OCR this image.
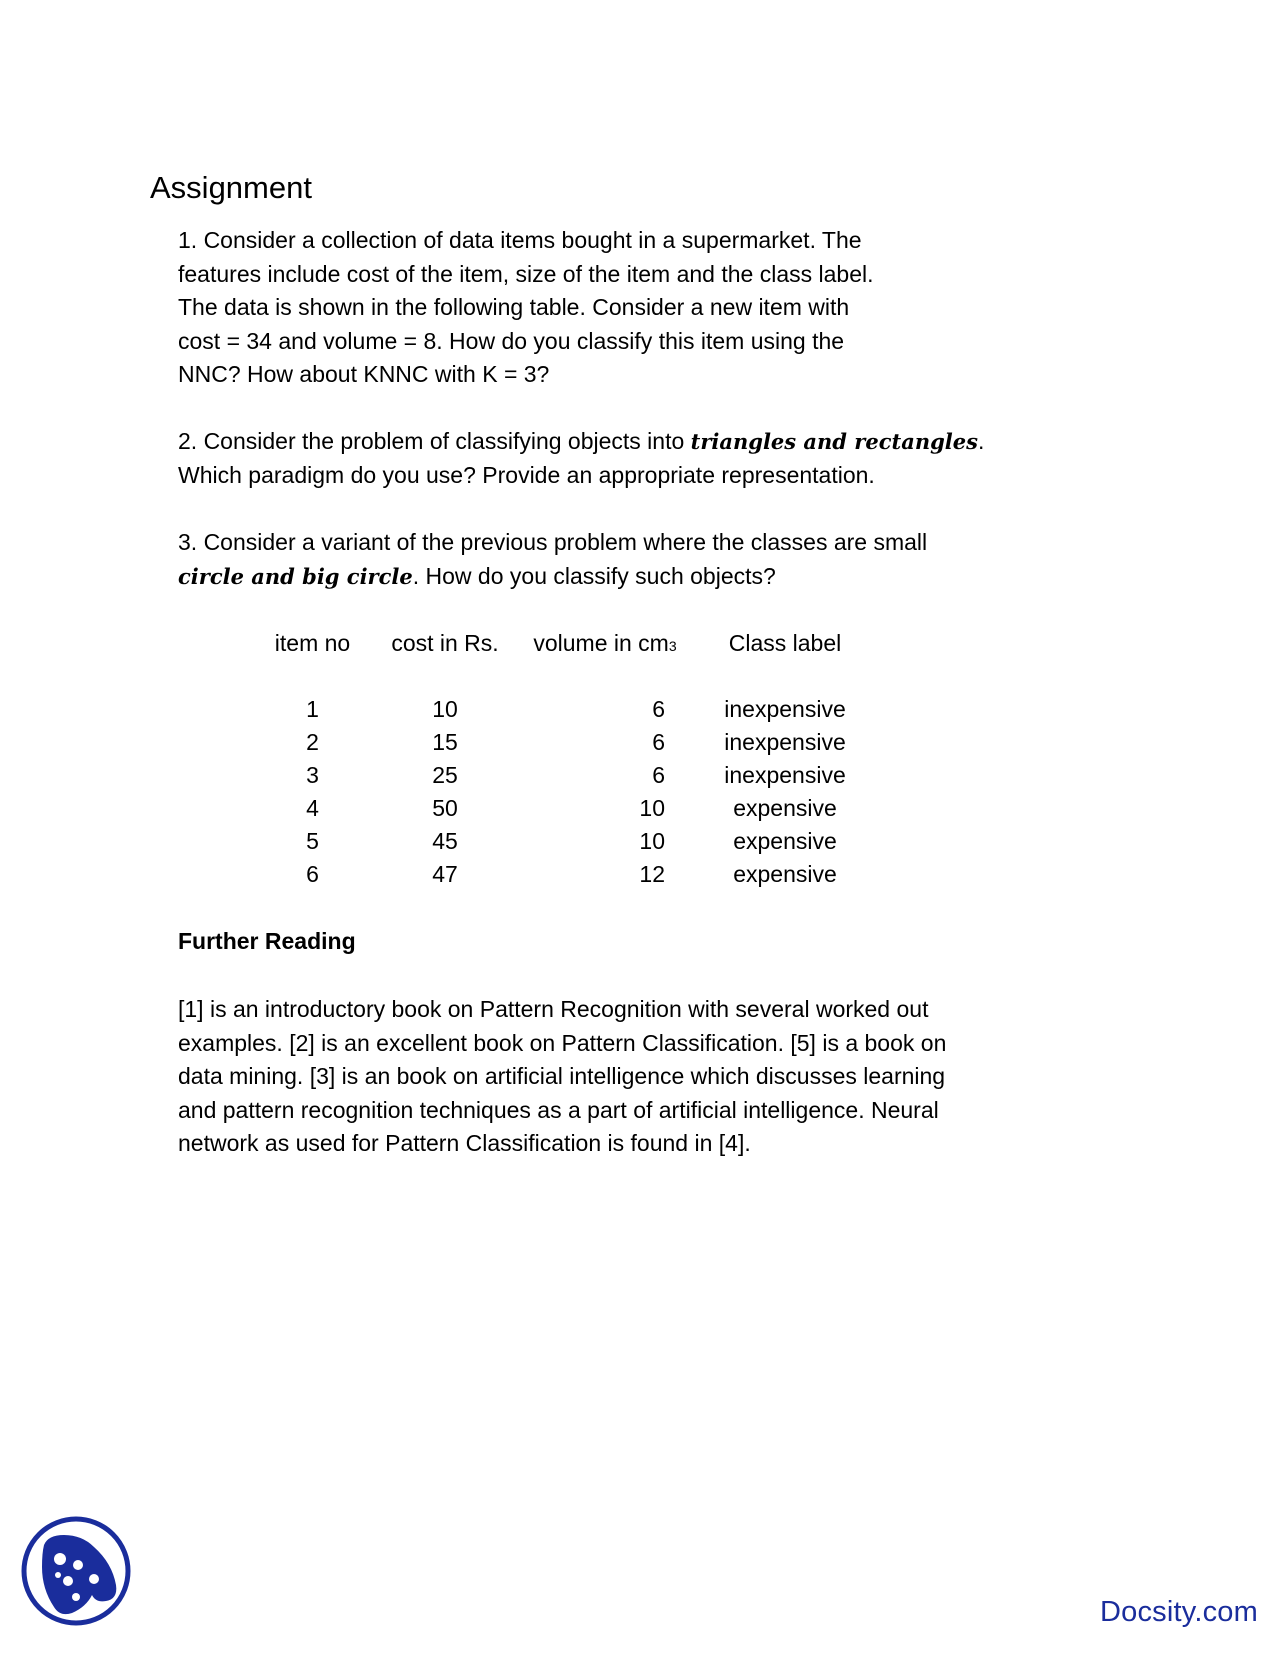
Assignment
1. Consider a collection of data items bought in a supermarket. The
features include cost of the item, size of the item and the class label.
The data is shown in the following table. Consider a new item with
cost = 34 and volume = 8. How do you classify this item using the
NNC? How about KNNC with K = 3?
2. Consider the problem of classifying objects into triangles and rectangles.
Which paradigm do you use? Provide an appropriate representation.
3. Consider a variant of the previous problem where the classes are small
circle and big circle. How do you classify such objects?
item no	cost in Rs.	volume in cm3	Class label

1	10	6	inexpensive
2	15	6	inexpensive
3	25	6	inexpensive
4	50	10	expensive
5	45	10	expensive
6	47	12	expensive
Further Reading
[1] is an introductory book on Pattern Recognition with several worked out
examples. [2] is an excellent book on Pattern Classification. [5] is a book on
data mining. [3] is an book on artificial intelligence which discusses learning
and pattern recognition techniques as a part of artificial intelligence. Neural
network as used for Pattern Classification is found in [4].
Docsity.com
